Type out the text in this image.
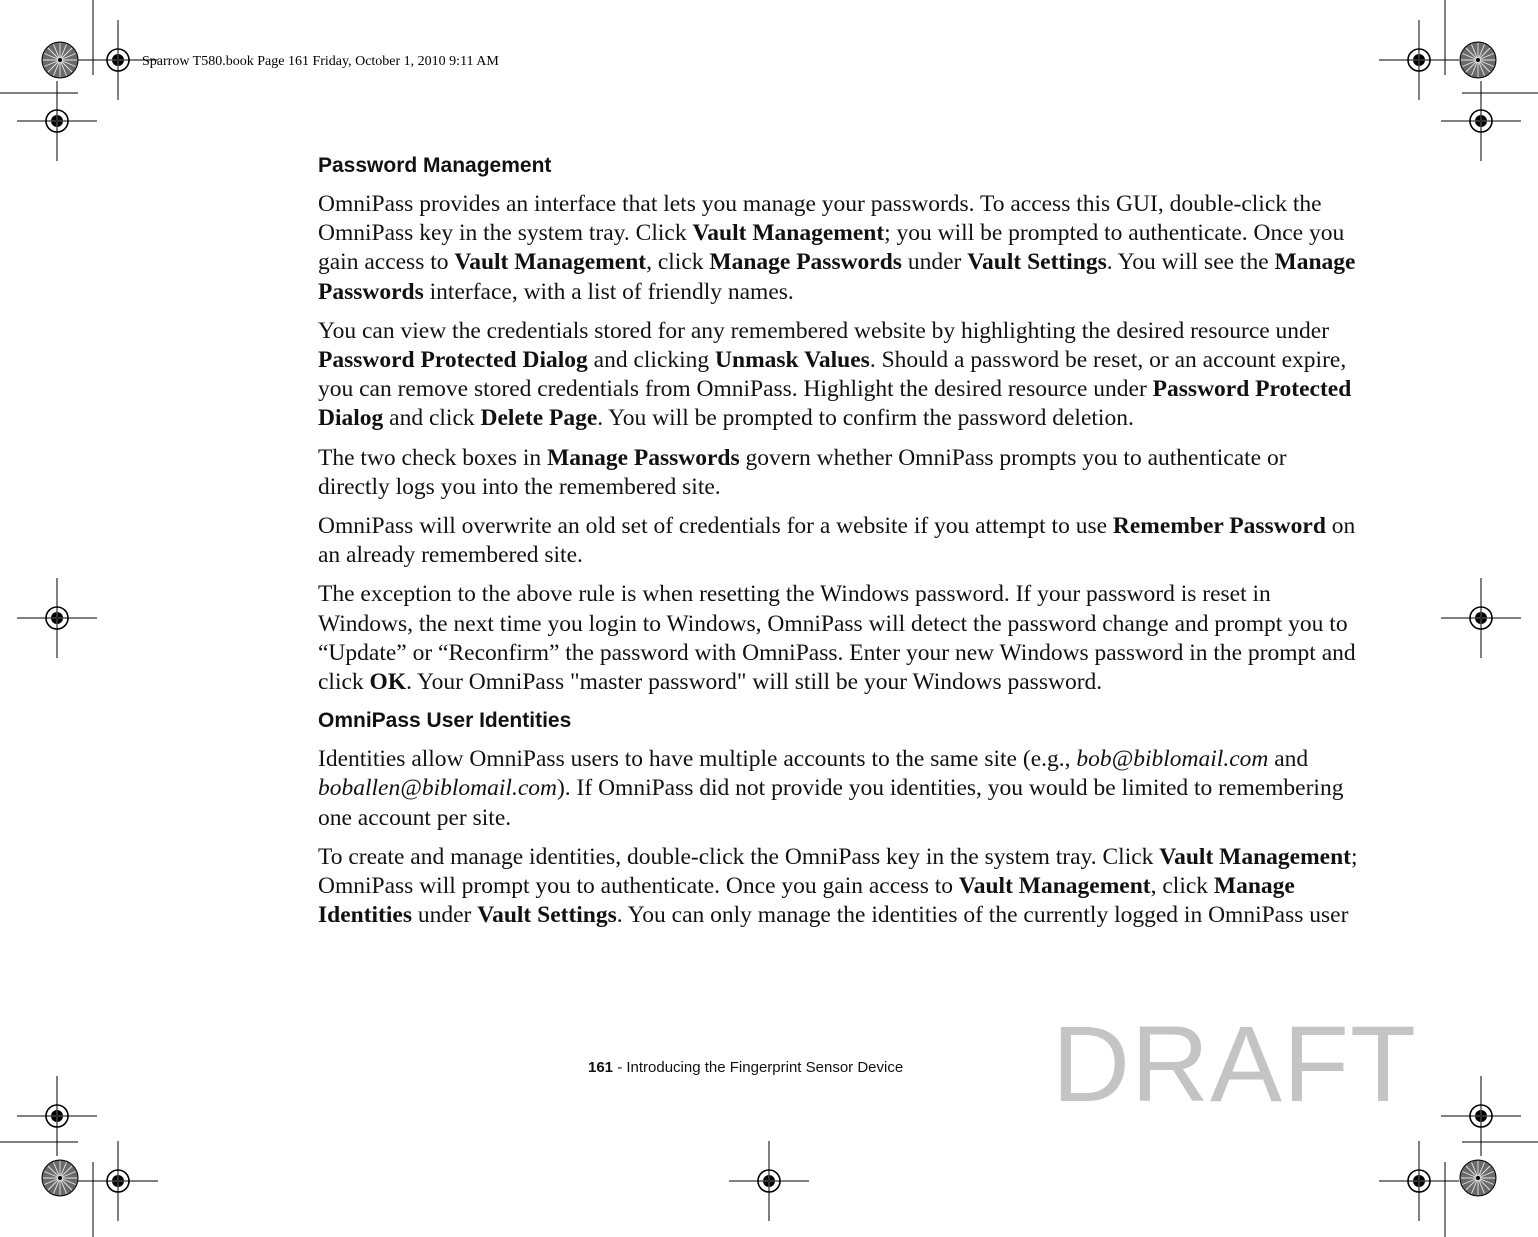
Sparrow T580.book Page 161 Friday, October 1, 2010 9:11 AM
Password Management

OmniPass provides an interface that lets you manage your passwords. To access this GUI, double-click the OmniPass key in the system tray. Click Vault Management; you will be prompted to authenticate. Once you gain access to Vault Management, click Manage Passwords under Vault Settings. You will see the Manage Passwords interface, with a list of friendly names.

You can view the credentials stored for any remembered website by highlighting the desired resource under Password Protected Dialog and clicking Unmask Values. Should a password be reset, or an account expire, you can remove stored credentials from OmniPass. Highlight the desired resource under Password Protected Dialog and click Delete Page. You will be prompted to confirm the password deletion.

The two check boxes in Manage Passwords govern whether OmniPass prompts you to authenticate or directly logs you into the remembered site.

OmniPass will overwrite an old set of credentials for a website if you attempt to use Remember Password on an already remembered site.

The exception to the above rule is when resetting the Windows password. If your password is reset in Windows, the next time you login to Windows, OmniPass will detect the password change and prompt you to “Update” or “Reconfirm” the password with OmniPass. Enter your new Windows password in the prompt and click OK. Your OmniPass "master password" will still be your Windows password.

OmniPass User Identities

Identities allow OmniPass users to have multiple accounts to the same site (e.g., bob@biblomail.com and boballen@biblomail.com). If OmniPass did not provide you identities, you would be limited to remembering one account per site.

To create and manage identities, double-click the OmniPass key in the system tray. Click Vault Management; OmniPass will prompt you to authenticate. Once you gain access to Vault Management, click Manage Identities under Vault Settings. You can only manage the identities of the currently logged in OmniPass user

161 - Introducing the Fingerprint Sensor Device DRAFT
